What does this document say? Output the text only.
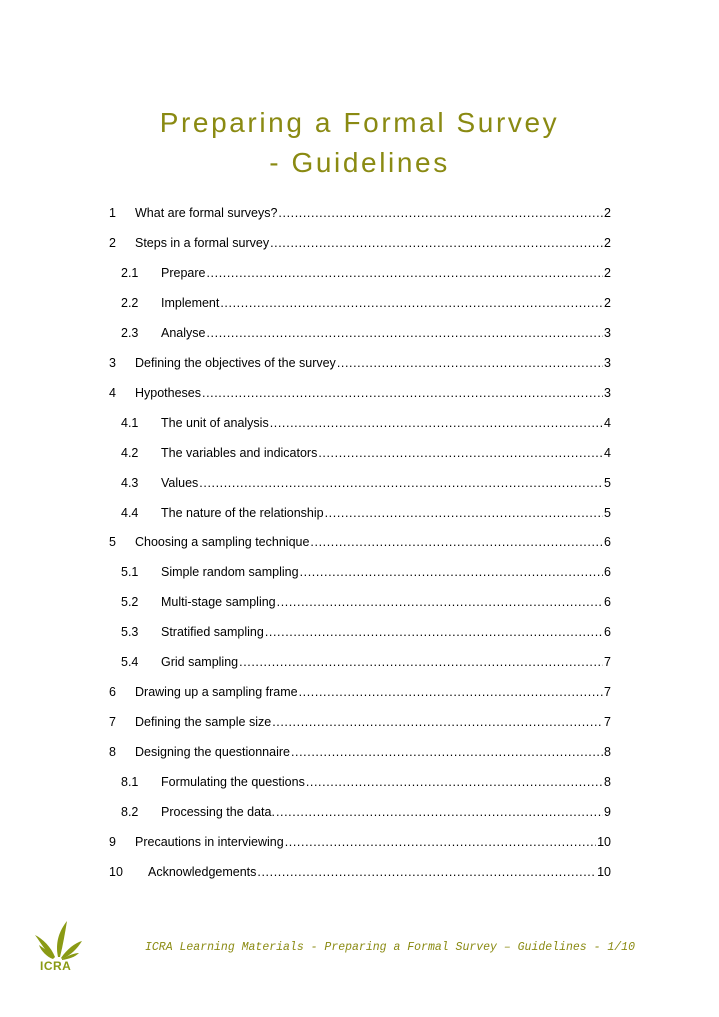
Preparing a Formal Survey
- Guidelines
1	What are formal surveys? .....	2
2	Steps in a formal survey .....	2
2.1	Prepare .....	2
2.2	Implement .....	2
2.3	Analyse .....	3
3	Defining the objectives of the survey .....	3
4	Hypotheses .....	3
4.1	The unit of analysis .....	4
4.2	The variables and indicators .....	4
4.3	Values .....	5
4.4	The nature of the relationship .....	5
5	Choosing a sampling technique .....	6
5.1	Simple random sampling .....	6
5.2	Multi-stage sampling .....	6
5.3	Stratified sampling .....	6
5.4	Grid sampling .....	7
6	Drawing up a sampling frame .....	7
7	Defining the sample size .....	7
8	Designing the questionnaire .....	8
8.1	Formulating the questions .....	8
8.2	Processing the data. .....	9
9	Precautions in interviewing .....	10
10	Acknowledgements .....	10
ICRA
ICRA Learning Materials - Preparing a Formal Survey – Guidelines - 1/10
